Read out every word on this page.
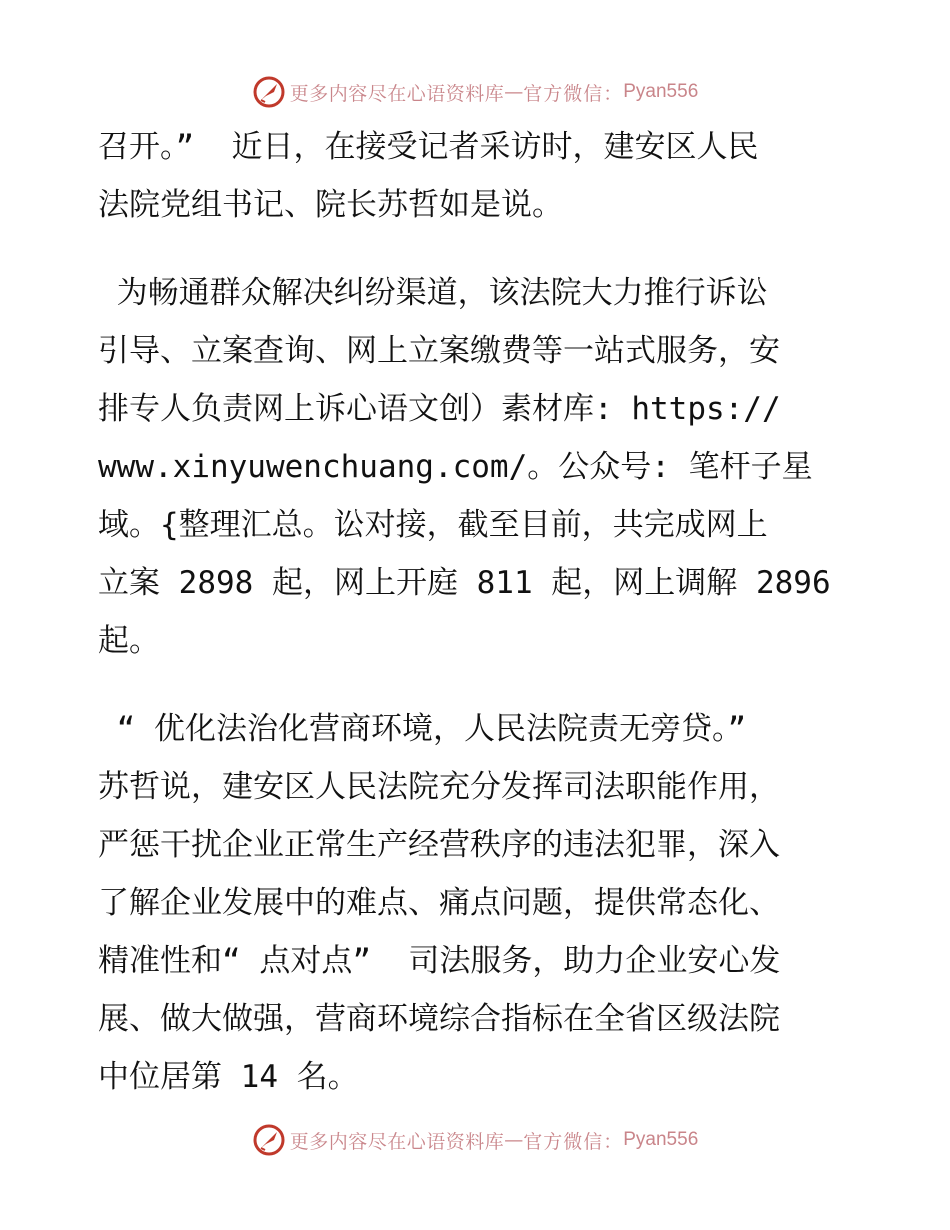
更多内容尽在心语资料库 — 官方微信： Pyan556

召开。”  近日，在接受记者采访时，建安区人民

法院党组书记、院长苏哲如是说。

为畅通群众解决纠纷渠道，该法院大力推行诉讼

引导、立案查询、网上立案缴费等一站式服务，安

排专人负责网上诉心语文创）素材库: https://

www.xinyuwenchuang.com/。公众号: 笔杆子星

域。{整理汇总。讼对接，截至目前，共完成网上

立案 2898 起，网上开庭 811 起，网上调解 2896

起。

“ 优化法治化营商环境，人民法院责无旁贷。”

苏哲说，建安区人民法院充分发挥司法职能作用，

严惩干扰企业正常生产经营秩序的违法犯罪，深入

了解企业发展中的难点、痛点问题，提供常态化、

精准性和“ 点对点”  司法服务，助力企业安心发

展、做大做强，营商环境综合指标在全省区级法院

中位居第 14 名。

更多内容尽在心语资料库 — 官方微信： Pyan556
